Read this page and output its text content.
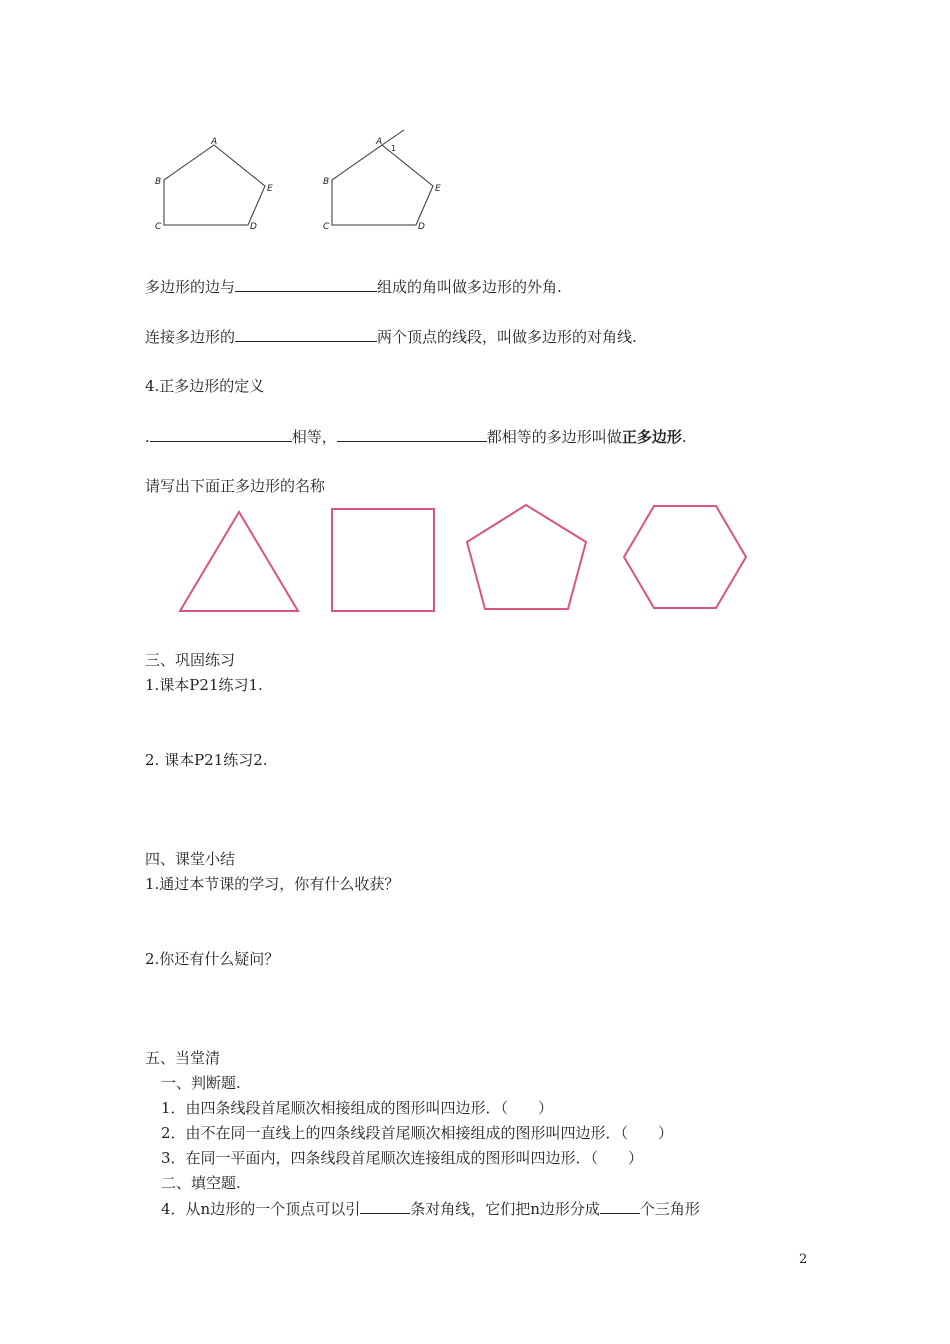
A
B
C	D
E
A
1
B
C	D
E
多边形的边与	组成的角叫做多边形的外角.
连接多边形的	两个顶点的线段，叫做多边形的对角线.
4.正多边形的定义
.	相等，	都相等的多边形叫做正多边形.
请写出下面正多边形的名称
三、巩固练习
1.课本P21练习1.
2. 课本P21练习2.
四、课堂小结
1.通过本节课的学习，你有什么收获？
2.你还有什么疑问？
五、当堂清
一、判断题.
1．由四条线段首尾顺次相接组成的图形叫四边形．（　　）
2．由不在同一直线上的四条线段首尾顺次相接组成的图形叫四边形．（　　）
3．在同一平面内，四条线段首尾顺次连接组成的图形叫四边形．（　　）
二、填空题.
4．从n边形的一个顶点可以引	条对角线，它们把n边形分成	个三角形
2
